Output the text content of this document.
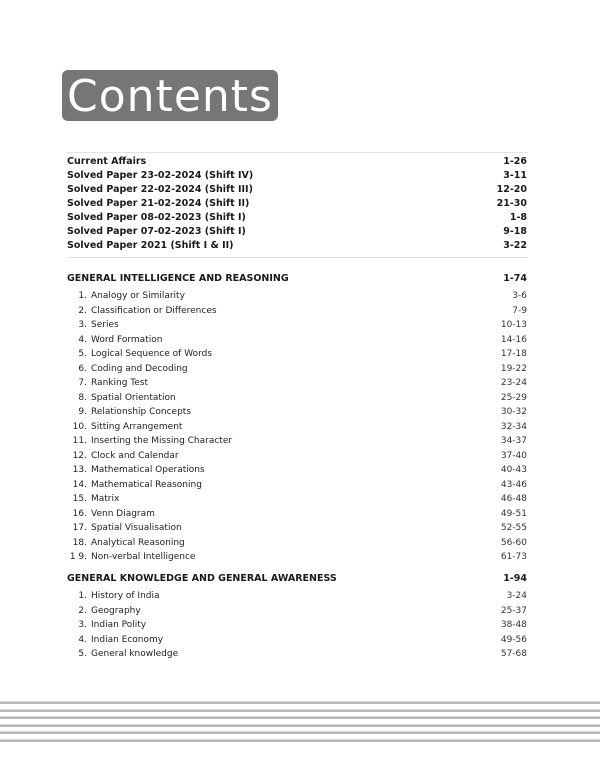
Contents
Current Affairs	1-26
Solved Paper 23-02-2024 (Shift IV)	3-11
Solved Paper 22-02-2024 (Shift III)	12-20
Solved Paper 21-02-2024 (Shift II)	21-30
Solved Paper 08-02-2023 (Shift I)	1-8
Solved Paper 07-02-2023 (Shift I)	9-18
Solved Paper 2021 (Shift I & II)	3-22
GENERAL INTELLIGENCE AND REASONING	1-74
1. Analogy or Similarity	3-6
2. Classification or Differences	7-9
3. Series	10-13
4. Word Formation	14-16
5. Logical Sequence of Words	17-18
6. Coding and Decoding	19-22
7. Ranking Test	23-24
8. Spatial Orientation	25-29
9. Relationship Concepts	30-32
10. Sitting Arrangement	32-34
11. Inserting the Missing Character	34-37
12. Clock and Calendar	37-40
13. Mathematical Operations	40-43
14. Mathematical Reasoning	43-46
15. Matrix	46-48
16. Venn Diagram	49-51
17. Spatial Visualisation	52-55
18. Analytical Reasoning	56-60
1 9. Non-verbal Intelligence	61-73
GENERAL KNOWLEDGE AND GENERAL AWARENESS	1-94
1. History of India	3-24
2. Geography	25-37
3. Indian Polity	38-48
4. Indian Economy	49-56
5. General knowledge	57-68
